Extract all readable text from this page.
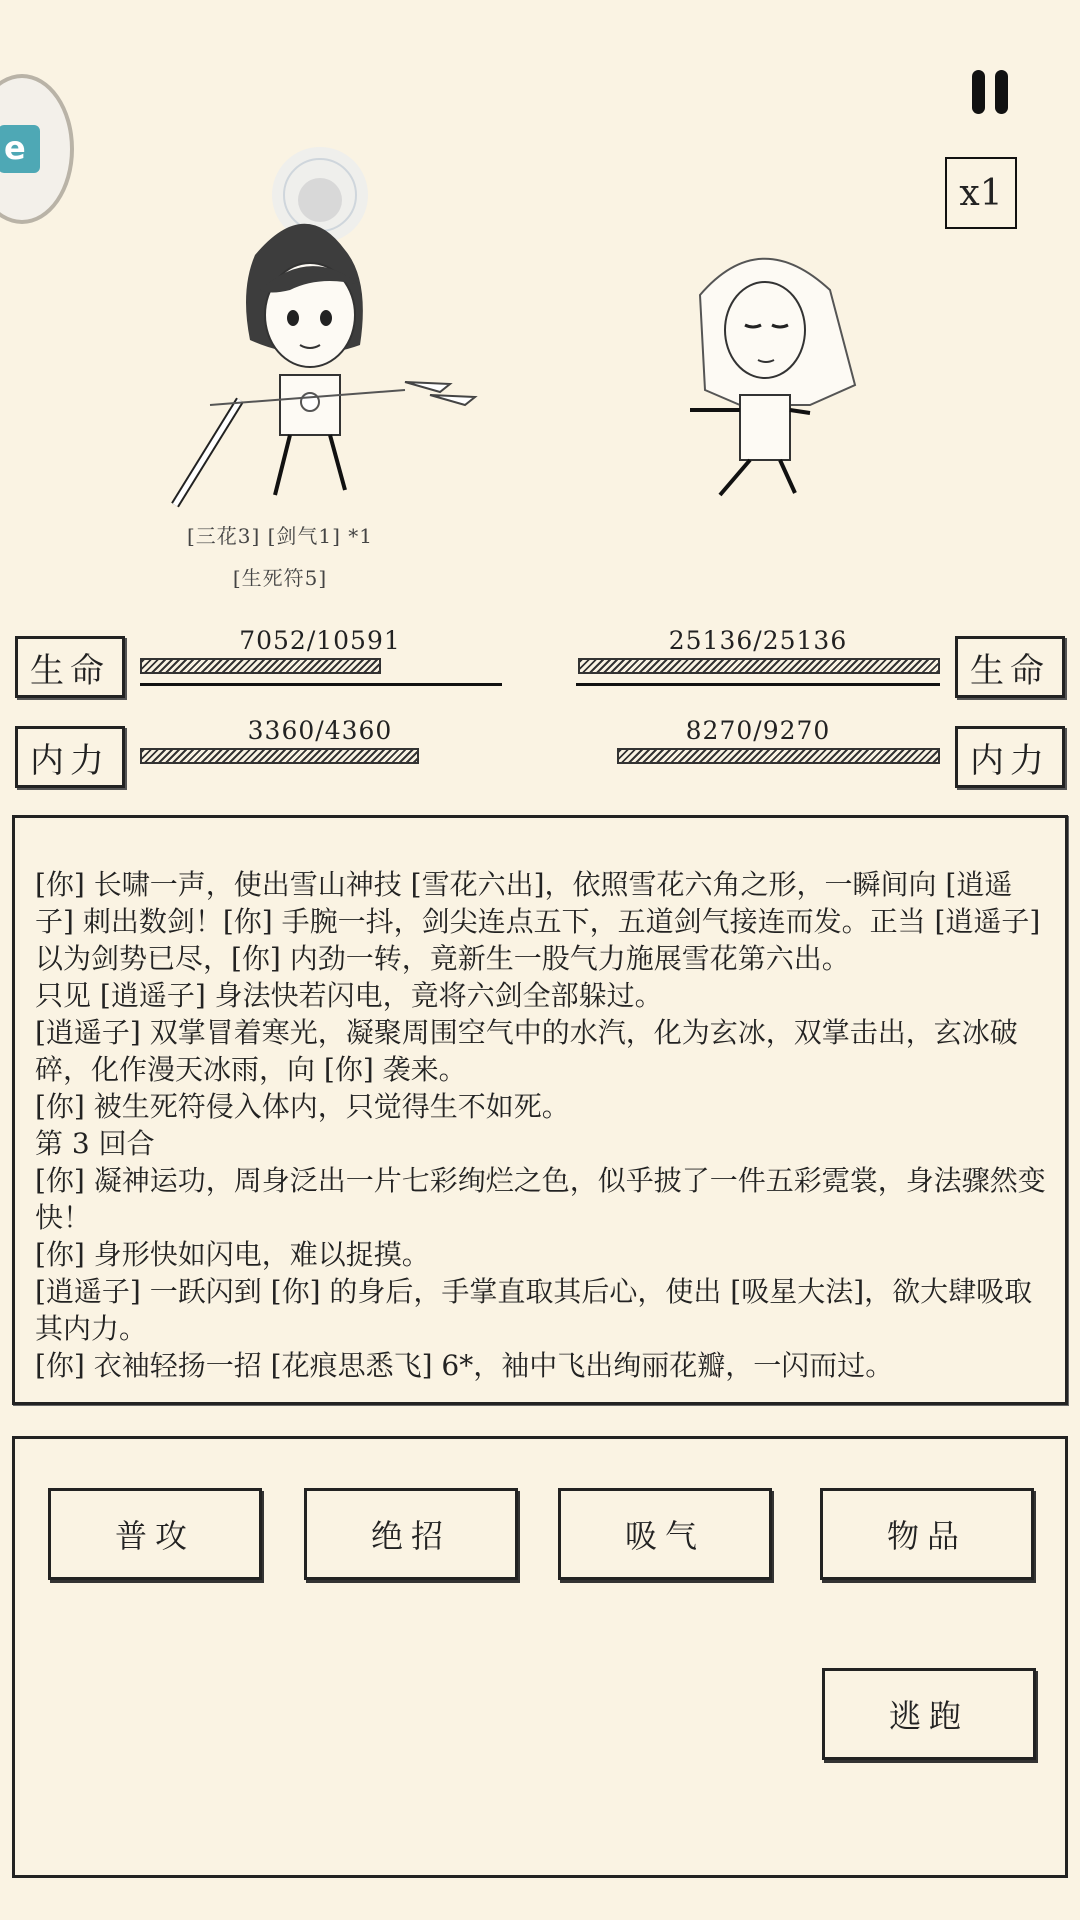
e
x1
[三花3] [剑气1] *1
[生死符5]
生命
7052/10591
内力
3360/4360
生命
25136/25136
内力
8270/9270
[你] 长啸一声，使出雪山神技 [雪花六出]，依照雪花六角之形，一瞬间向 [逍遥子] 刺出数剑！[你] 手腕一抖，剑尖连点五下，五道剑气接连而发。正当 [逍遥子] 以为剑势已尽，[你] 内劲一转，竟新生一股气力施展雪花第六出。
只见 [逍遥子] 身法快若闪电，竟将六剑全部躲过。
[逍遥子] 双掌冒着寒光，凝聚周围空气中的水汽，化为玄冰，双掌击出，玄冰破碎，化作漫天冰雨，向 [你] 袭来。
[你] 被生死符侵入体内，只觉得生不如死。
第 3 回合
[你] 凝神运功，周身泛出一片七彩绚烂之色，似乎披了一件五彩霓裳，身法骤然变快！
[你] 身形快如闪电，难以捉摸。
[逍遥子] 一跃闪到 [你] 的身后，手掌直取其后心，使出 [吸星大法]，欲大肆吸取其内力。
[你] 衣袖轻扬一招 [花痕思悉飞] 6*，袖中飞出绚丽花瓣，一闪而过。
普攻	绝招	吸气	物品
逃跑
